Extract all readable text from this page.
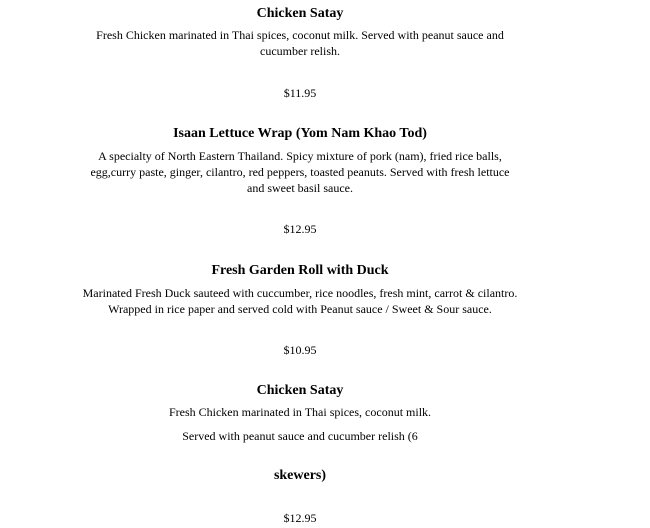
Chicken Satay
Fresh Chicken marinated in Thai spices, coconut milk. Served with peanut sauce and
cucumber relish.
$11.95
Isaan Lettuce Wrap (Yom Nam Khao Tod)
A specialty of North Eastern Thailand. Spicy mixture of pork (nam), fried rice balls,
egg,curry paste, ginger, cilantro, red peppers, toasted peanuts. Served with fresh lettuce
and sweet basil sauce.
$12.95
Fresh Garden Roll with Duck
Marinated Fresh Duck sauteed with cuccumber, rice noodles, fresh mint, carrot & cilantro.
Wrapped in rice paper and served cold with Peanut sauce / Sweet & Sour sauce.
$10.95
Chicken Satay
Fresh Chicken marinated in Thai spices, coconut milk.
Served with peanut sauce and cucumber relish (6
skewers)
$12.95
